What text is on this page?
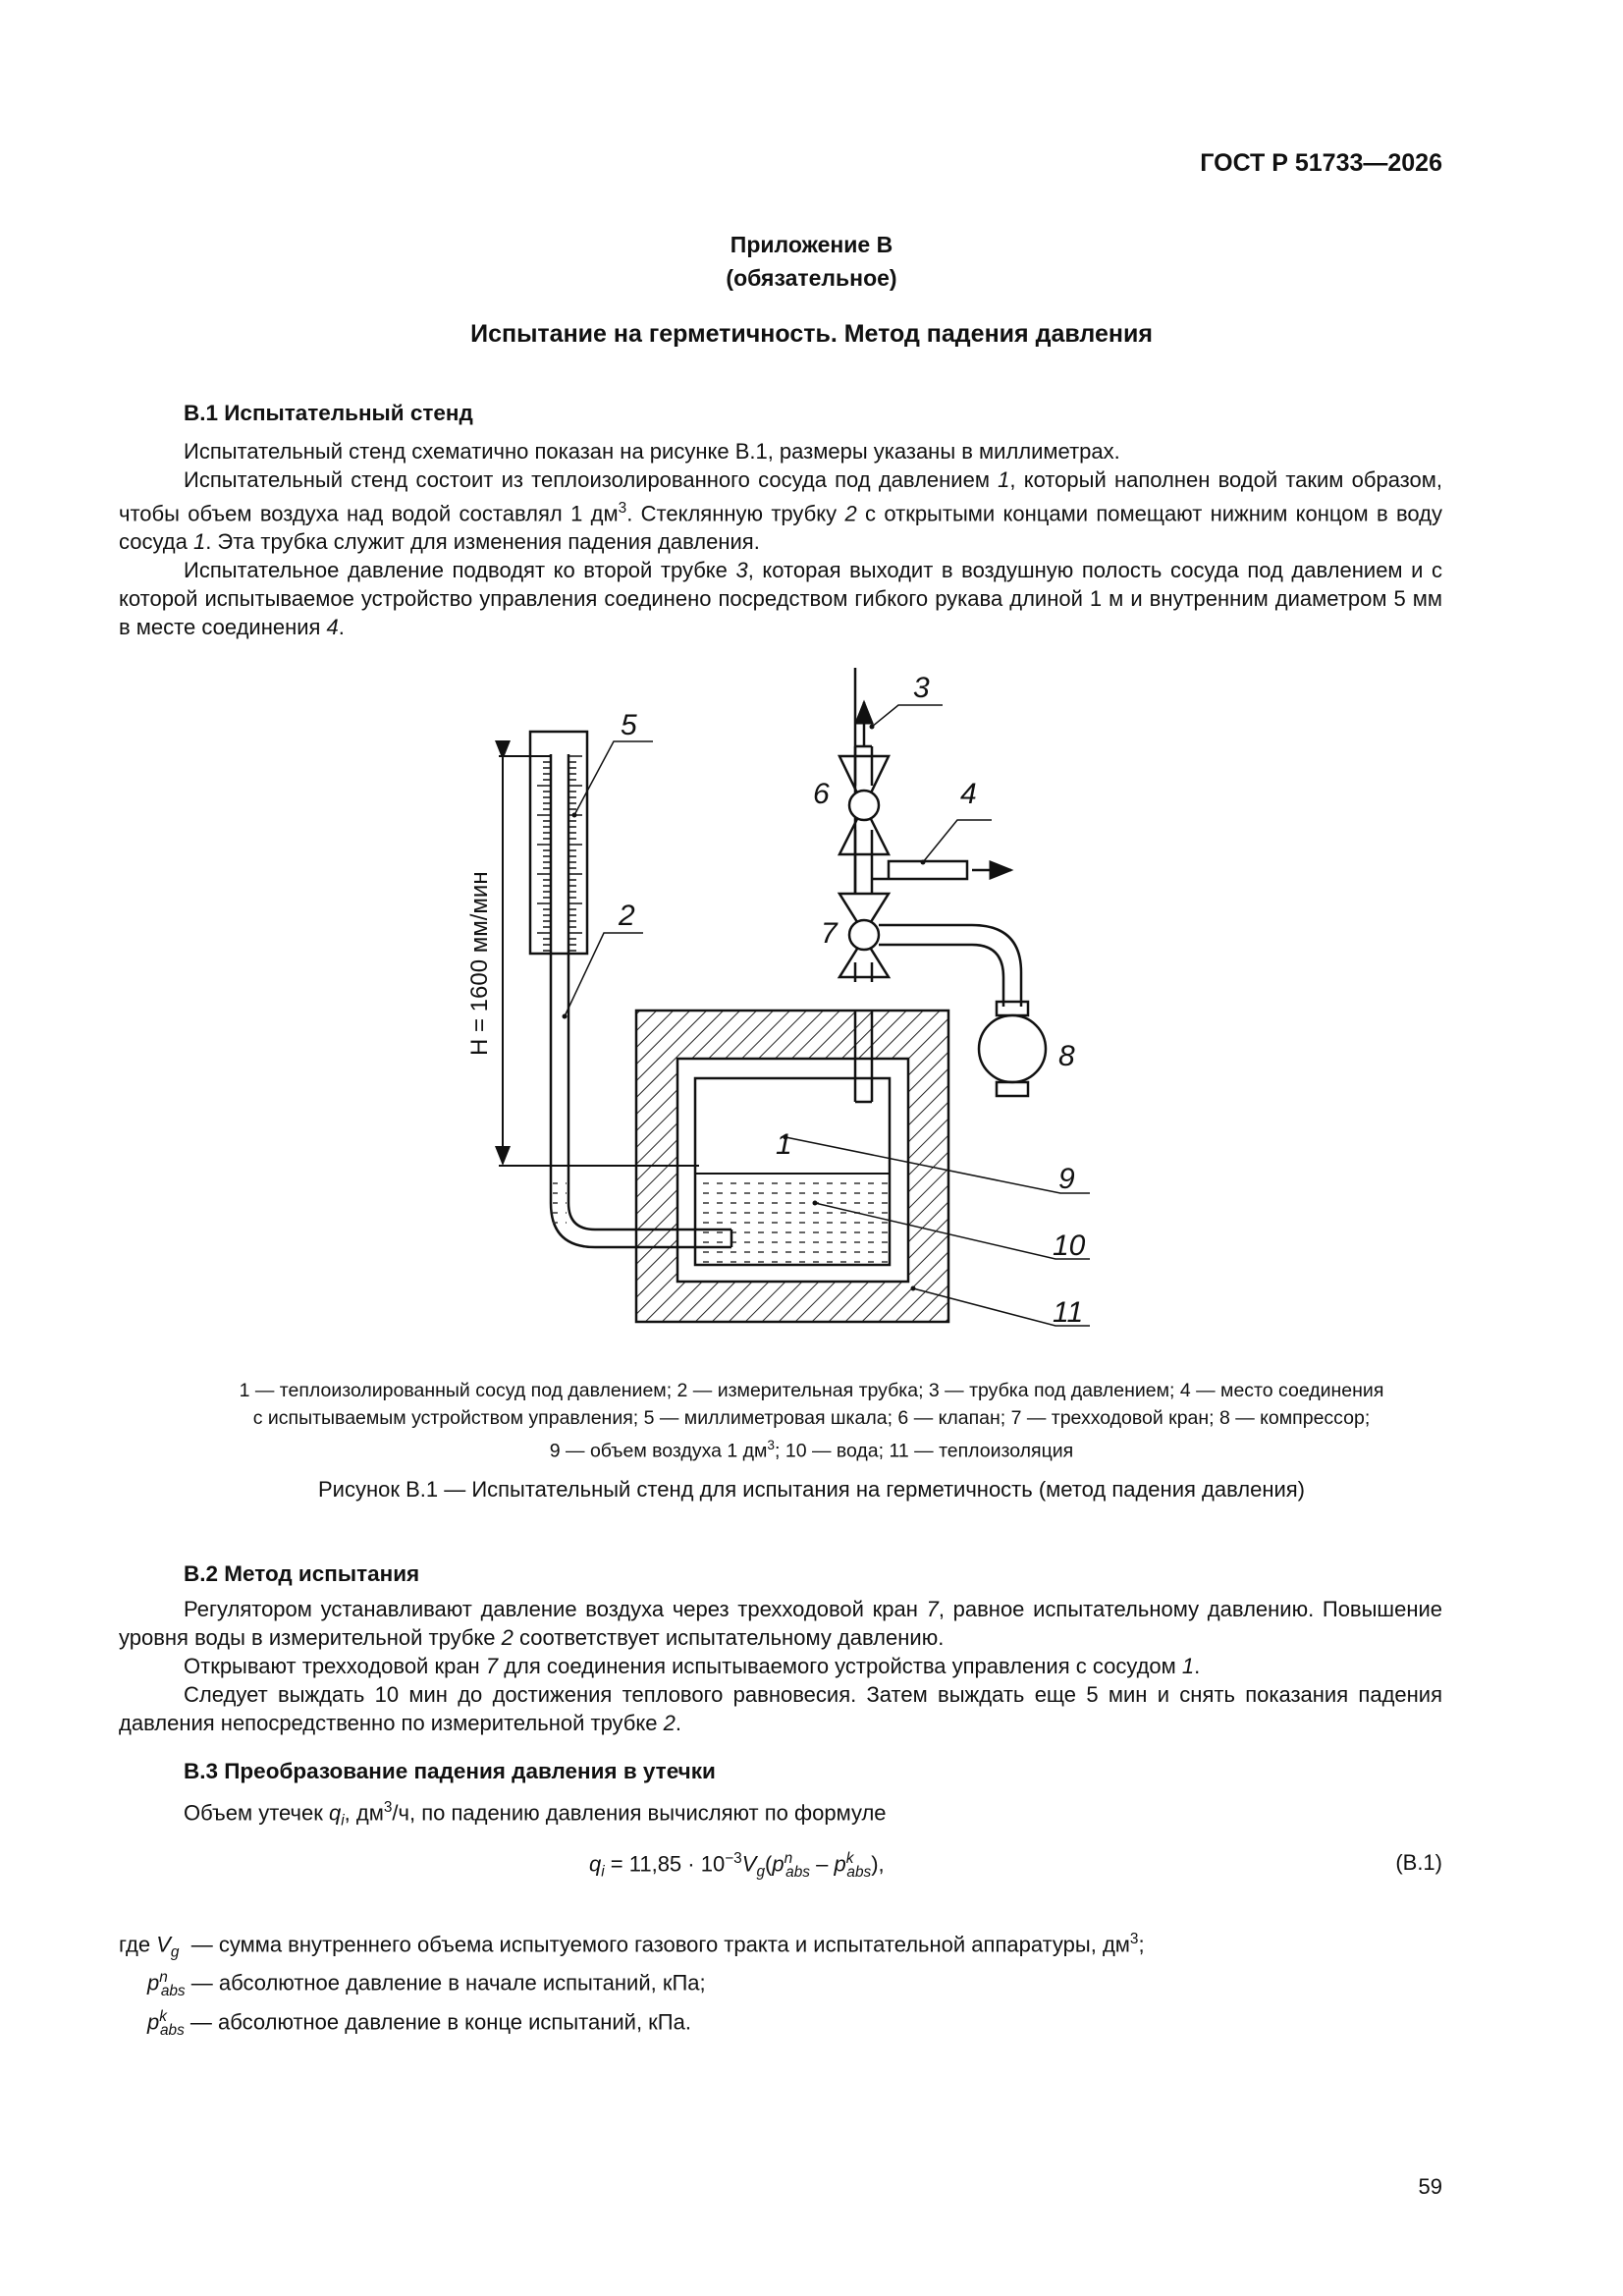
ГОСТ Р 51733—2026
Приложение В
(обязательное)
Испытание на герметичность. Метод падения давления
В.1 Испытательный стенд

Испытательный стенд схематично показан на рисунке В.1, размеры указаны в миллиметрах.

Испытательный стенд состоит из теплоизолированного сосуда под давлением 1, который наполнен водой таким образом, чтобы объем воздуха над водой составлял 1 $дм^3$. Стеклянную трубку 2 с открытыми концами помещают нижним концом в воду сосуда 1. Эта трубка служит для изменения падения давления.

Испытательное давление подводят ко второй трубке 3, которая выходит в воздушную полость сосуда под давлением и с которой испытываемое устройство управления соединено посредством гибкого рукава длиной 1 м и внутренним диаметром 5 мм в месте соединения 4.

H = 1600 мм/мин
1
2
3
4
5
6
7
8
9
10
11
1 — теплоизолированный сосуд под давлением; 2 — измерительная трубка; 3 — трубка под давлением; 4 — место соединения
с испытываемым устройством управления; 5 — миллиметровая шкала; 6 — клапан; 7 — трехходовой кран; 8 — компрессор;
9 — объем воздуха 1 $дм^3$; 10 — вода; 11 — теплоизоляция
Рисунок В.1 — Испытательный стенд для испытания на герметичность (метод падения давления)
В.2 Метод испытания

Регулятором устанавливают давление воздуха через трехходовой кран 7, равное испытательному давлению. Повышение уровня воды в измерительной трубке 2 соответствует испытательному давлению.

Открывают трехходовой кран 7 для соединения испытываемого устройства управления с сосудом 1.

Следует выждать 10 мин до достижения теплового равновесия. Затем выждать еще 5 мин и снять показания падения давления непосредственно по измерительной трубке 2.

В.3 Преобразование падения давления в утечки

Объем утечек $q_i$, $дм^3/ч$, по падению давления вычисляют по формуле

$q_i = 11,85 \cdot 10^{-3}V_g(p^n_{abs} - p^k_{abs})$,	(В.1)
где $V_g$ — сумма внутреннего объема испытуемого газового тракта и испытательной аппаратуры, $дм^3$;
$p^n_{abs}$ — абсолютное давление в начале испытаний, кПа;
$p^k_{abs}$ — абсолютное давление в конце испытаний, кПа.
59
